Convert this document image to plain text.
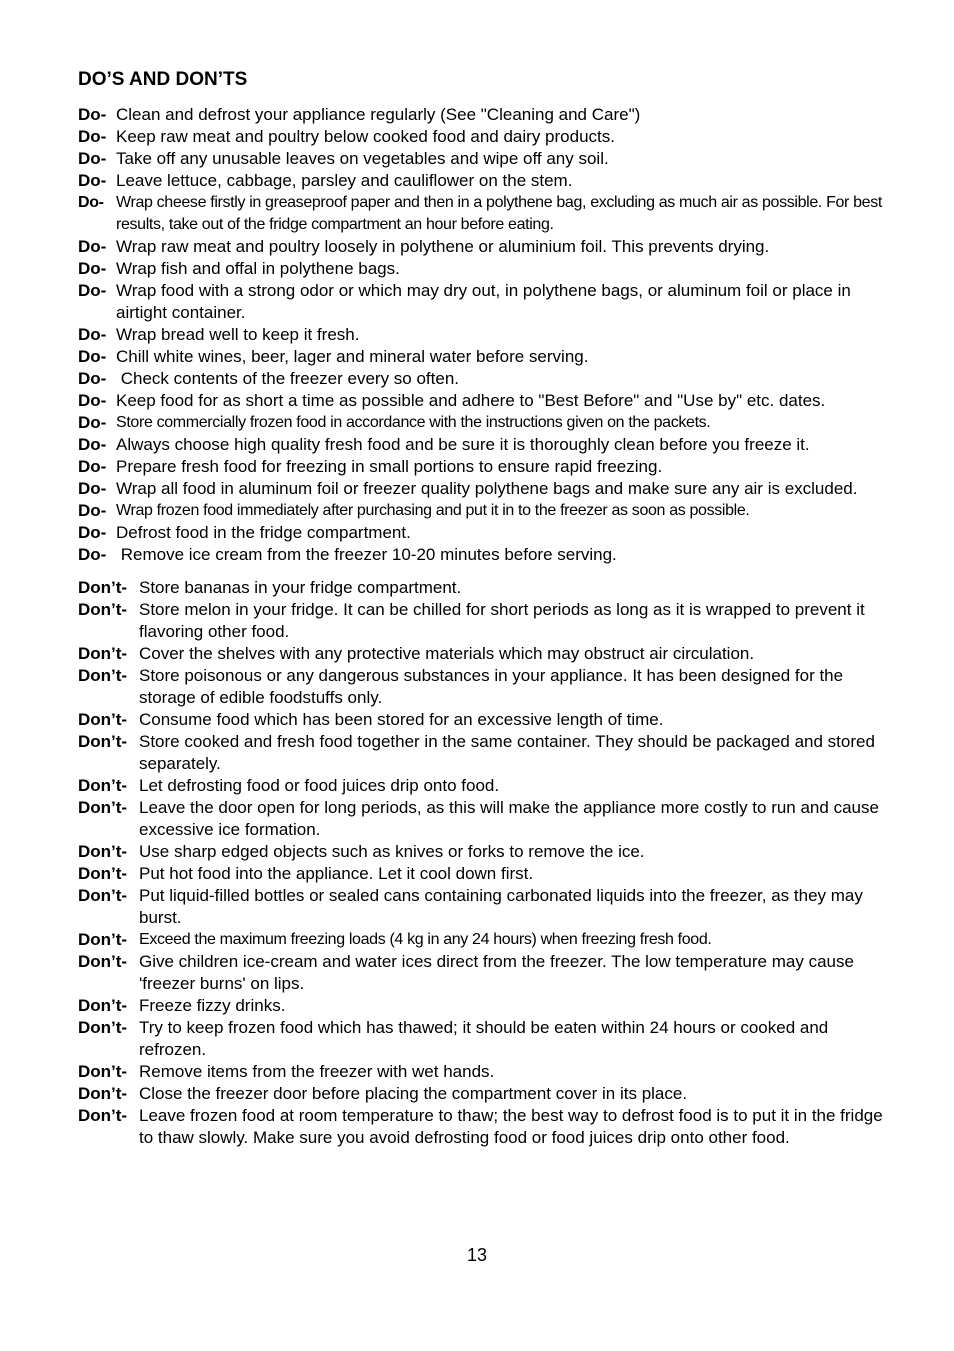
DO’S AND DON’TS
Do- Clean and defrost your appliance regularly (See "Cleaning and Care")
Do- Keep raw meat and poultry below cooked food and dairy products.
Do- Take off any unusable leaves on vegetables and wipe off any soil.
Do- Leave lettuce, cabbage, parsley and cauliflower on the stem.
Do- Wrap cheese firstly in greaseproof paper and then in a polythene bag, excluding as much air as possible. For best results, take out of the fridge compartment an hour before eating.
Do- Wrap raw meat and poultry loosely in polythene or aluminium foil. This prevents drying.
Do- Wrap fish and offal in polythene bags.
Do- Wrap food with a strong odor or which may dry out, in polythene bags, or aluminum foil or place in airtight container.
Do- Wrap bread well to keep it fresh.
Do- Chill white wines, beer, lager and mineral water before serving.
Do- Check contents of the freezer every so often.
Do- Keep food for as short a time as possible and adhere to "Best Before" and "Use by" etc. dates.
Do- Store commercially frozen food in accordance with the instructions given on the packets.
Do- Always choose high quality fresh food and be sure it is thoroughly clean before you freeze it.
Do- Prepare fresh food for freezing in small portions to ensure rapid freezing.
Do- Wrap all food in aluminum foil or freezer quality polythene bags and make sure any air is excluded.
Do- Wrap frozen food immediately after purchasing and put it in to the freezer as soon as possible.
Do- Defrost food in the fridge compartment.
Do- Remove ice cream from the freezer 10-20 minutes before serving.
Don’t- Store bananas in your fridge compartment.
Don’t- Store melon in your fridge. It can be chilled for short periods as long as it is wrapped to prevent it flavoring other food.
Don’t- Cover the shelves with any protective materials which may obstruct air circulation.
Don’t- Store poisonous or any dangerous substances in your appliance. It has been designed for the storage of edible foodstuffs only.
Don’t- Consume food which has been stored for an excessive length of time.
Don’t- Store cooked and fresh food together in the same container. They should be packaged and stored separately.
Don’t- Let defrosting food or food juices drip onto food.
Don’t- Leave the door open for long periods, as this will make the appliance more costly to run and cause excessive ice formation.
Don’t- Use sharp edged objects such as knives or forks to remove the ice.
Don’t- Put hot food into the appliance. Let it cool down first.
Don’t- Put liquid-filled bottles or sealed cans containing carbonated liquids into the freezer, as they may burst.
Don’t- Exceed the maximum freezing loads (4 kg in any 24 hours) when freezing fresh food.
Don’t- Give children ice-cream and water ices direct from the freezer. The low temperature may cause 'freezer burns' on lips.
Don’t- Freeze fizzy drinks.
Don’t- Try to keep frozen food which has thawed; it should be eaten within 24 hours or cooked and refrozen.
Don’t- Remove items from the freezer with wet hands.
Don’t- Close the freezer door before placing the compartment cover in its place.
Don’t- Leave frozen food at room temperature to thaw; the best way to defrost food is to put it in the fridge to thaw slowly. Make sure you avoid defrosting food or food juices drip onto other food.
13
